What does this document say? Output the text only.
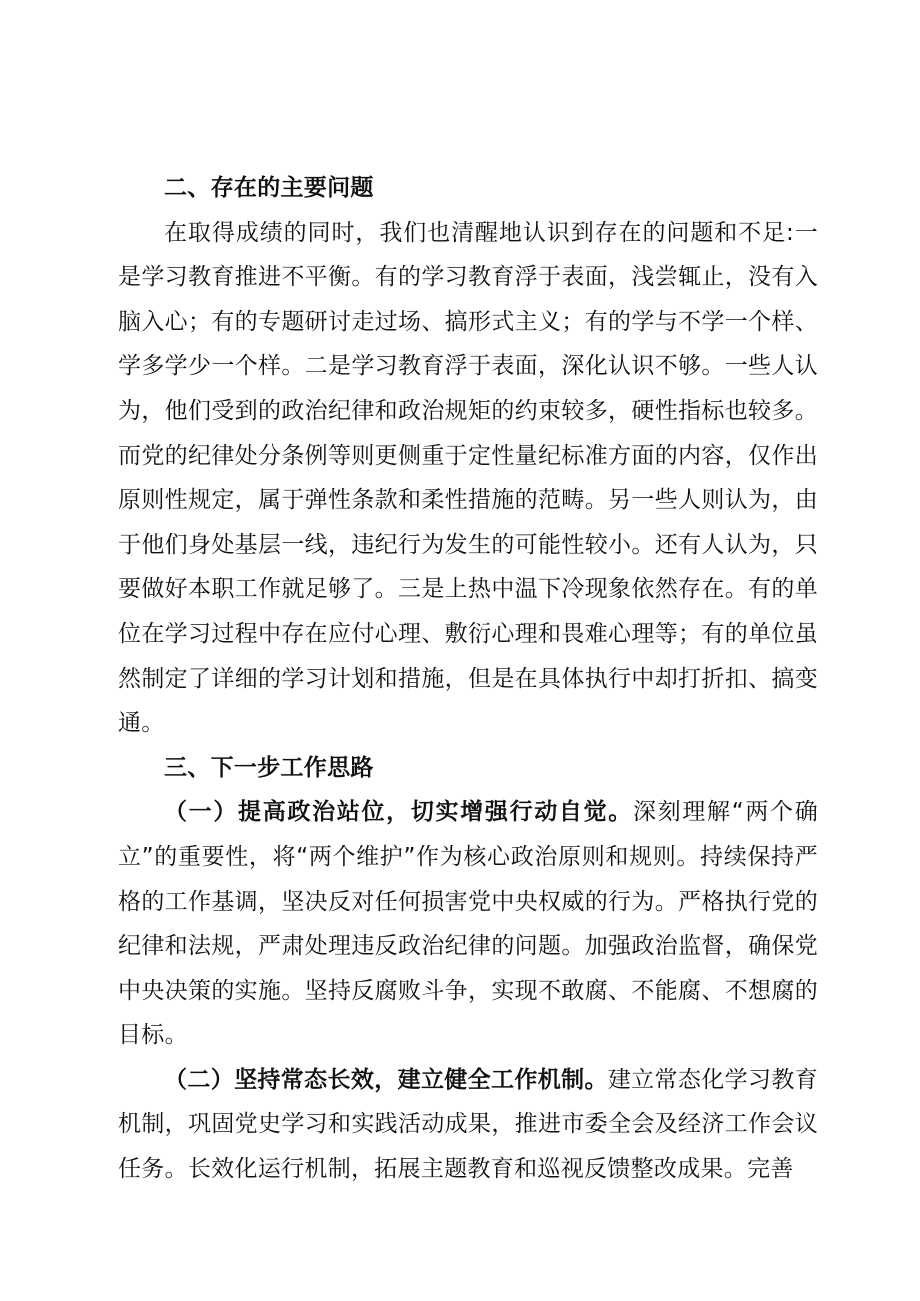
二、存在的主要问题

在取得成绩的同时，我们也清醒地认识到存在的问题和不足:一是学习教育推进不平衡。有的学习教育浮于表面，浅尝辄止，没有入脑入心；有的专题研讨走过场、搞形式主义；有的学与不学一个样、学多学少一个样。二是学习教育浮于表面，深化认识不够。一些人认为，他们受到的政治纪律和政治规矩的约束较多，硬性指标也较多。而党的纪律处分条例等则更侧重于定性量纪标准方面的内容，仅作出原则性规定，属于弹性条款和柔性措施的范畴。另一些人则认为，由于他们身处基层一线，违纪行为发生的可能性较小。还有人认为，只要做好本职工作就足够了。三是上热中温下冷现象依然存在。有的单位在学习过程中存在应付心理、敷衍心理和畏难心理等；有的单位虽然制定了详细的学习计划和措施，但是在具体执行中却打折扣、搞变通。

三、下一步工作思路

（一）提高政治站位，切实增强行动自觉。深刻理解“两个确立”的重要性，将“两个维护”作为核心政治原则和规则。持续保持严格的工作基调，坚决反对任何损害党中央权威的行为。严格执行党的纪律和法规，严肃处理违反政治纪律的问题。加强政治监督，确保党中央决策的实施。坚持反腐败斗争，实现不敢腐、不能腐、不想腐的目标。

（二）坚持常态长效，建立健全工作机制。建立常态化学习教育机制，巩固党史学习和实践活动成果，推进市委全会及经济工作会议任务。长效化运行机制，拓展主题教育和巡视反馈整改成果。完善
